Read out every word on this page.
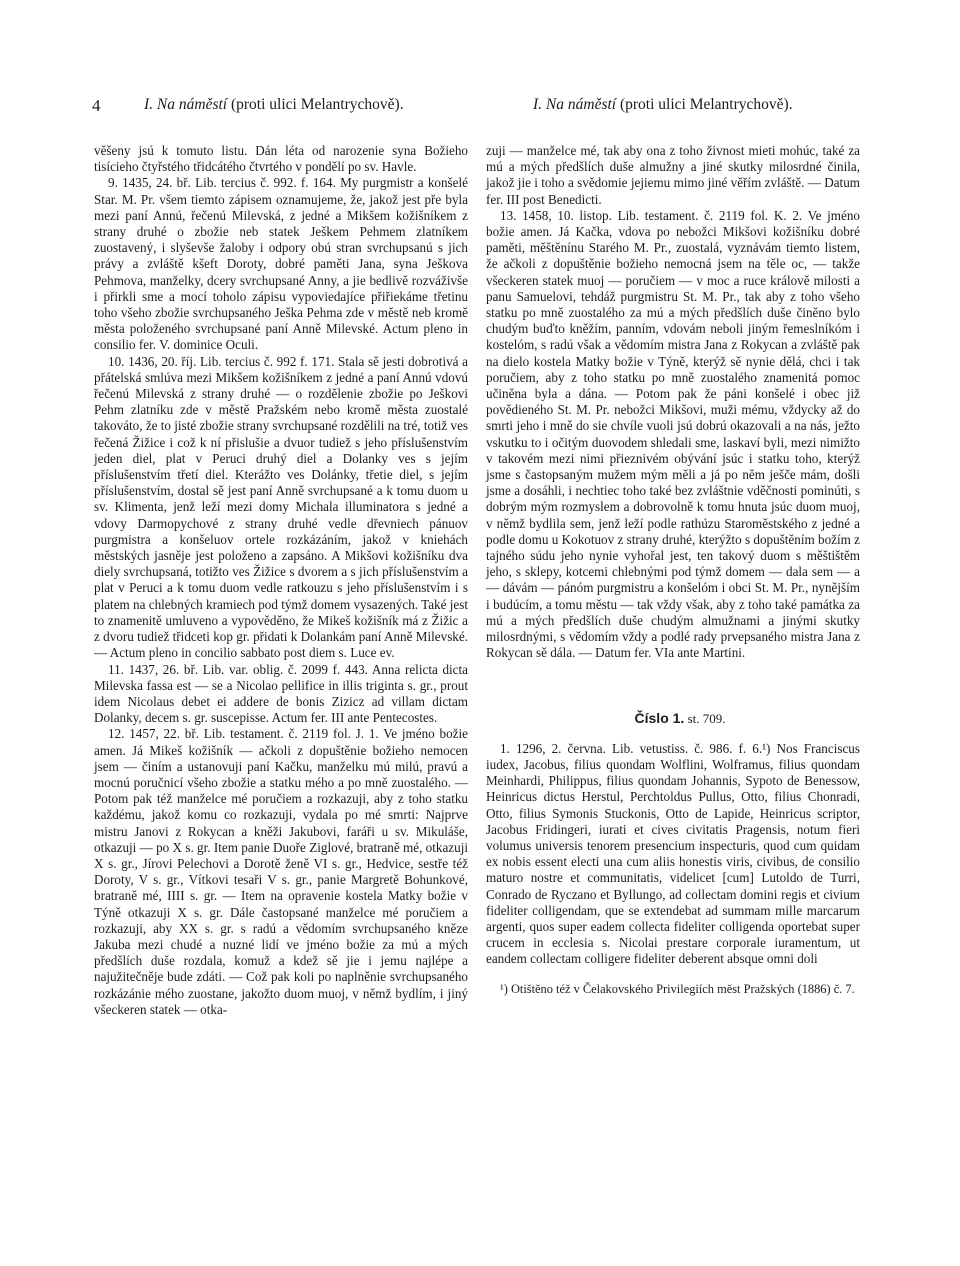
4	I. Na náměstí (proti ulici Melantrychově).	I. Na náměstí (proti ulici Melantrychově).

věšeny jsú k tomuto listu. Dán léta od narozenie syna Božieho tisícieho čtyřstého třidcátého čtvrtého v pondělí po sv. Havle.

9. 1435, 24. bř. Lib. tercius č. 992. f. 164. My purgmistr a konšelé Star. M. Pr. všem tiemto zápisem oznamujeme, že, jakož jest pře byla mezi paní Annú, řečenú Milevská, z jedné a Mikšem kožišníkem z strany druhé o zbožie neb statek Ješkem Pehmem zlatníkem zuostavený, i slyševše žaloby i odpory obú stran svrchupsanú s jich právy a zvláště kšeft Doroty, dobré paměti Jana, syna Ješkova Pehmova, manželky, dcery svrchupsané Anny, a jie bedlivě rozváživše i přirkli sme a mocí toholo zápisu vypoviedajíce přiřiekáme třetinu toho všeho zbožie svrchupsaného Ješka Pehma zde v městě neb kromě města položeného svrchupsané paní Anně Milevské. Actum pleno in consilio fer. V. dominice Oculi.

10. 1436, 20. říj. Lib. tercius č. 992 f. 171. Stala sě jesti dobrotivá a přátelská smlúva mezi Mikšem kožišníkem z jedné a paní Annú vdovú řečenú Milevská z strany druhé — o rozdělenie zbožie po Ješkovi Pehm zlatníku zde v městě Pražském nebo kromě města zuostalé takováto, že to jisté zbožie strany svrchupsané rozdělili na tré, totiž ves řečená Žižice i což k ní přislušie a dvuor tudiež s jeho příslušenstvím jeden diel, plat v Peruci druhý diel a Dolanky ves s jejím příslušenstvím třetí diel. Kterážto ves Dolánky, třetie diel, s jejím příslušenstvím, dostal sě jest paní Anně svrchupsané a k tomu duom u sv. Klimenta, jenž leží mezi domy Michala illuminatora s jedné a vdovy Darmopychové z strany druhé vedle dřevniech pánuov purgmistra a konšeluov ortele rozkázáním, jakož v kniehách městských jasněje jest položeno a zapsáno. A Mikšovi kožišníku dva diely svrchupsaná, totižto ves Žižice s dvorem a s jich příslušenstvím a plat v Peruci a k tomu duom vedle ratkouzu s jeho příslušenstvím i s platem na chlebných kramiech pod týmž domem vysazených. Také jest to znamenitě umluveno a vypověděno, že Mikeš kožišník má z Žižic a z dvoru tudiež třidceti kop gr. přidati k Dolankám paní Anně Milevské. — Actum pleno in concilio sabbato post diem s. Luce ev.

11. 1437, 26. bř. Lib. var. oblig. č. 2099 f. 443. Anna relicta dicta Milevska fassa est — se a Nicolao pellifice in illis triginta s. gr., prout idem Nicolaus debet ei addere de bonis Zizicz ad villam dictam Dolanky, decem s. gr. suscepisse. Actum fer. III ante Pentecostes.

12. 1457, 22. bř. Lib. testament. č. 2119 fol. J. 1. Ve jméno božie amen. Já Mikeš kožišník — ačkoli z dopuštěnie božieho nemocen jsem — činím a ustanovuji paní Kačku, manželku mú milú, pravú a mocnú poručnicí všeho zbožie a statku mého a po mně zuostalého. — Potom pak též manželce mé poručiem a rozkazuji, aby z toho statku každému, jakož komu co rozkazuji, vydala po mé smrti: Najprve mistru Janovi z Rokycan a kněži Jakubovi, faráři u sv. Mikuláše, otkazuji — po X s. gr. Item panie Duoře Ziglové, bratraně mé, otkazuji X s. gr., Jírovi Pelechovi a Dorotě ženě VI s. gr., Hedvice, sestře též Doroty, V s. gr., Vítkovi tesaři V s. gr., panie Margretě Bohunkové, bratraně mé, IIII s. gr. — Item na opravenie kostela Matky božie v Týně otkazuji X s. gr. Dále častopsané manželce mé poručiem a rozkazuji, aby XX s. gr. s radú a vědomím svrchupsaného kněze Jakuba mezi chudé a nuzné lidí ve jméno božie za mú a mých předšlích duše rozdala, komuž a kdež sě jie i jemu najlépe a najužitečněje bude zdáti. — Což pak koli po naplněnie svrchupsaného rozkázánie mého zuostane, jakožto duom muoj, v němž bydlím, i jiný všeckeren statek — otka-

zuji — manželce mé, tak aby ona z toho živnost mieti mohúc, také za mú a mých předšlích duše almužny a jiné skutky milosrdné činila, jakož jie i toho a svědomie jejiemu mimo jiné věřím zvláště. — Datum fer. III post Benedicti.

13. 1458, 10. listop. Lib. testament. č. 2119 fol. K. 2. Ve jméno božie amen. Já Kačka, vdova po nebožci Mikšovi kožišníku dobré paměti, měštěnínu Starého M. Pr., zuostalá, vyznávám tiemto listem, že ačkoli z dopuštěnie božieho nemocná jsem na těle oc, — takže všeckeren statek muoj — poručiem — v moc a ruce králově milosti a panu Samuelovi, tehdáž purgmistru St. M. Pr., tak aby z toho všeho statku po mně zuostalého za mú a mých předšlích duše činěno bylo chudým buďto kněžím, panním, vdovám neboli jiným řemeslníkóm i kostelóm, s radú však a vědomím mistra Jana z Rokycan a zvláště pak na dielo kostela Matky božie v Týně, kterýž sě nynie dělá, chci i tak poručiem, aby z toho statku po mně zuostalého znamenitá pomoc učiněna byla a dána. — Potom pak že páni konšelé i obec již povědieného St. M. Pr. nebožci Mikšovi, muži mému, vždycky až do smrti jeho i mně do sie chvíle vuoli jsú dobrú okazovali a na nás, ježto vskutku to i očitým duovodem shledali sme, laskaví byli, mezi nimižto v takovém mezi nimi přieznivém obývání jsúc i statku toho, kterýž jsme s častopsaným mužem mým měli a já po něm ješče mám, došli jsme a dosáhli, i nechtiec toho také bez zvláštnie vděčnosti pominúti, s dobrým mým rozmyslem a dobrovolně k tomu hnuta jsúc duom muoj, v němž bydlila sem, jenž leží podle rathúzu Staroměstského z jedné a podle domu u Kokotuov z strany druhé, kterýžto s dopuštěním božím z tajného súdu jeho nynie vyhořal jest, ten takový duom s měštištěm jeho, s sklepy, kotcemi chlebnými pod týmž domem — dala sem — a — dávám — pánóm purgmistru a konšelóm i obci St. M. Pr., nynějším i budúcím, a tomu městu — tak vždy však, aby z toho také památka za mú a mých předšlích duše chudým almužnami a jinými skutky milosrdnými, s vědomím vždy a podlé rady prvepsaného mistra Jana z Rokycan sě dála. — Datum fer. VIa ante Martini.

Číslo 1. st. 709.

1. 1296, 2. června. Lib. vetustiss. č. 986. f. 6.¹) Nos Franciscus iudex, Jacobus, filius quondam Wolflini, Wolframus, filius quondam Meinhardi, Philippus, filius quondam Johannis, Sypoto de Benessow, Heinricus dictus Herstul, Perchtoldus Pullus, Otto, filius Chonradi, Otto, filius Symonis Stuckonis, Otto de Lapide, Heinricus scriptor, Jacobus Fridingeri, iurati et cives civitatis Pragensis, notum fieri volumus universis tenorem presencium inspecturis, quod cum quidam ex nobis essent electi una cum aliis honestis viris, civibus, de consilio maturo nostre et communitatis, videlicet [cum] Lutoldo de Turri, Conrado de Ryczano et Byllungo, ad collectam domini regis et civium fideliter colligendam, que se extendebat ad summam mille marcarum argenti, quos super eadem collecta fideliter colligenda oportebat super crucem in ecclesia s. Nicolai prestare corporale iuramentum, ut eandem collectam colligere fideliter deberent absque omni doli

¹) Otištěno též v Čelakovského Privilegiích měst Pražských (1886) č. 7.
